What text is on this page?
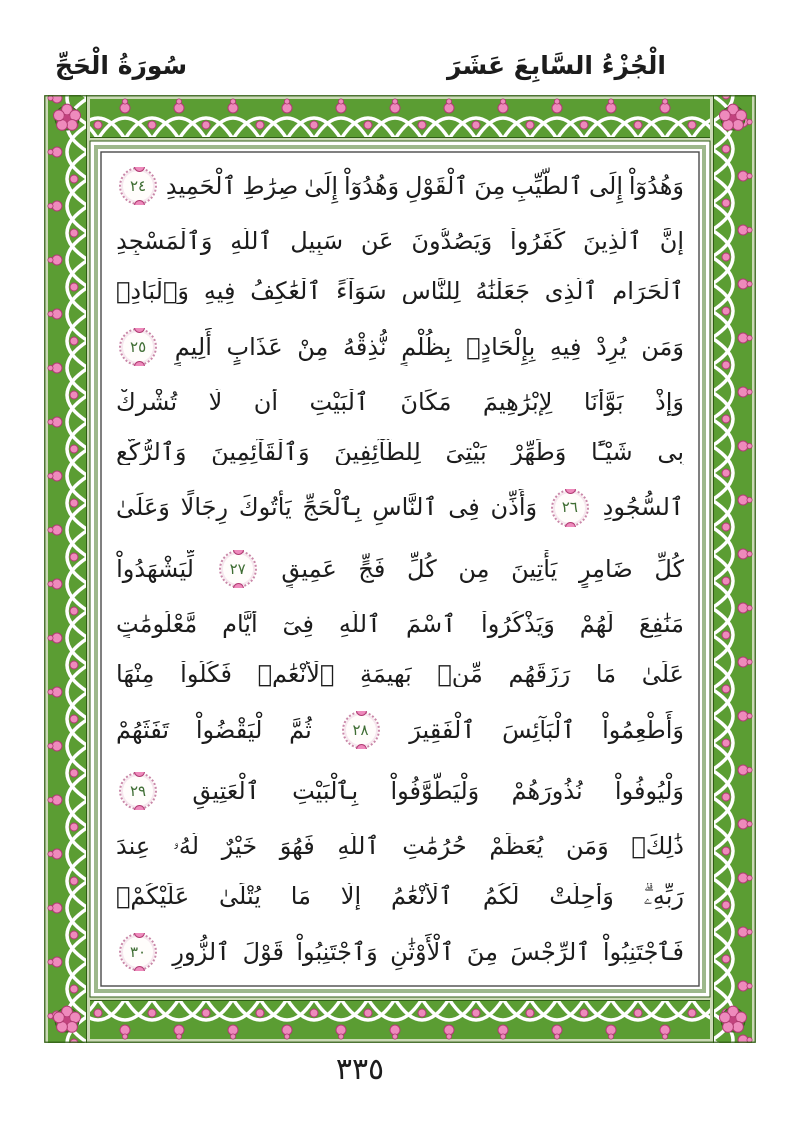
الْجُزْءُ السَّابِعَ عَشَرَ
سُورَةُ الْحَجِّ
وَهُدُوٓاْ
إِلَى
ٱلطَّيِّبِ
مِنَ
ٱلْقَوْلِ
وَهُدُوٓاْ
إِلَىٰ
صِرَٰطِ
ٱلْحَمِيدِ
٢٤
إِنَّ
ٱلَّذِينَ
كَفَرُواْ
وَيَصُدُّونَ
عَن
سَبِيلِ
ٱللَّهِ
وَٱلْمَسْجِدِ
ٱلْحَرَامِ
ٱلَّذِى
جَعَلْنَٰهُ
لِلنَّاسِ
سَوَآءً
ٱلْعَٰكِفُ
فِيهِ
وَٱلْبَادِۚ
وَمَن
يُرِدْ
فِيهِ
بِإِلْحَادٍۭ
بِظُلْمٍ
نُّذِقْهُ
مِنْ
عَذَابٍ
أَلِيمٍ
٢٥
وَإِذْ
بَوَّأْنَا
لِإِبْرَٰهِيمَ
مَكَانَ
ٱلْبَيْتِ
أَن
لَّا
تُشْرِكْ
بِى
شَيْـًٔا
وَطَهِّرْ
بَيْتِىَ
لِلطَّآئِفِينَ
وَٱلْقَآئِمِينَ
وَٱلرُّكَّعِ
ٱلسُّجُودِ
٢٦
وَأَذِّن
فِى
ٱلنَّاسِ
بِٱلْحَجِّ
يَأْتُوكَ
رِجَالًا
وَعَلَىٰ
كُلِّ
ضَامِرٍ
يَأْتِينَ
مِن
كُلِّ
فَجٍّ
عَمِيقٍ
٢٧
لِّيَشْهَدُواْ
مَنَٰفِعَ
لَهُمْ
وَيَذْكُرُواْ
ٱسْمَ
ٱللَّهِ
فِىٓ
أَيَّامٍ
مَّعْلُومَٰتٍ
عَلَىٰ
مَا
رَزَقَهُم
مِّنۢ
بَهِيمَةِ
ٱلْأَنْعَٰمِۖ
فَكُلُواْ
مِنْهَا
وَأَطْعِمُواْ
ٱلْبَآئِسَ
ٱلْفَقِيرَ
٢٨
ثُمَّ
لْيَقْضُواْ
تَفَثَهُمْ
وَلْيُوفُواْ
نُذُورَهُمْ
وَلْيَطَّوَّفُواْ
بِٱلْبَيْتِ
ٱلْعَتِيقِ
٢٩
ذَٰلِكَۖ
وَمَن
يُعَظِّمْ
حُرُمَٰتِ
ٱللَّهِ
فَهُوَ
خَيْرٌ
لَّهُۥ
عِندَ
رَبِّهِۦۗ
وَأُحِلَّتْ
لَكُمُ
ٱلْأَنْعَٰمُ
إِلَّا
مَا
يُتْلَىٰ
عَلَيْكُمْۖ
فَٱجْتَنِبُواْ
ٱلرِّجْسَ
مِنَ
ٱلْأَوْثَٰنِ
وَٱجْتَنِبُواْ
قَوْلَ
ٱلزُّورِ
٣٠
٣٣٥
